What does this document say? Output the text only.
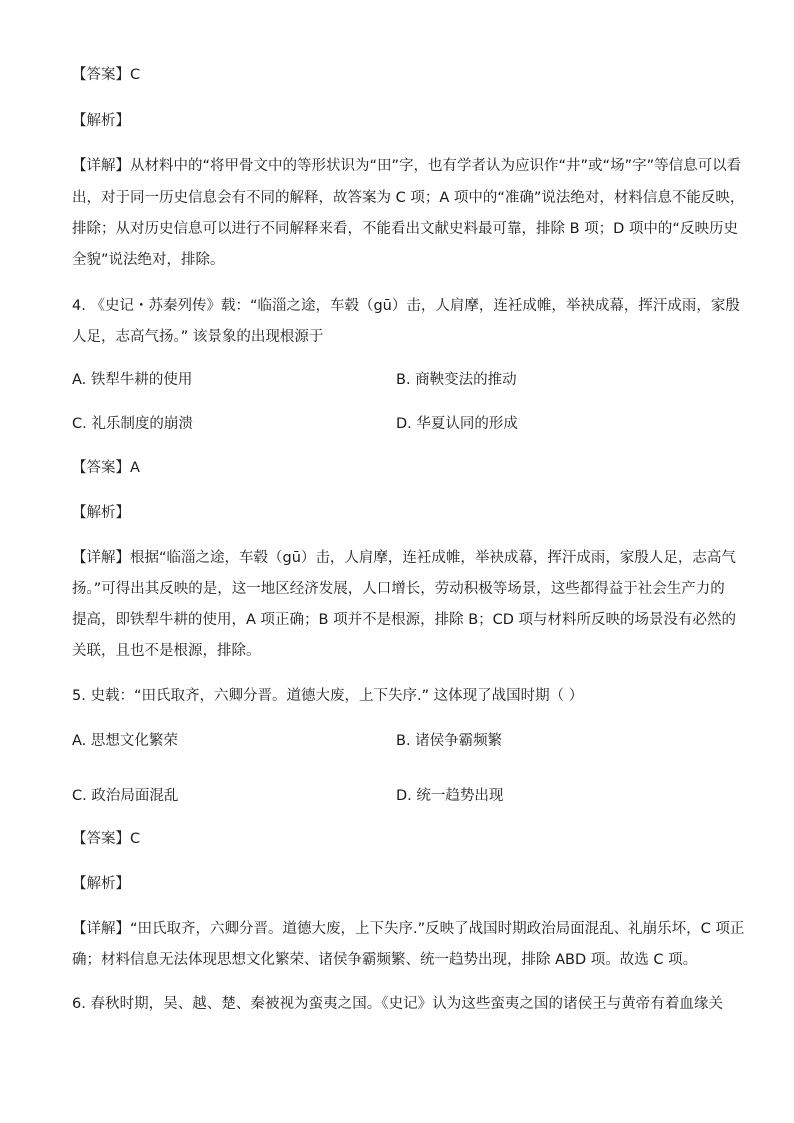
【答案】C
【解析】
【详解】从材料中的“将甲骨文中的等形状识为“田”字，也有学者认为应识作“井”或“场”字”等信息可以看
出，对于同一历史信息会有不同的解释，故答案为 C 项；A 项中的“准确”说法绝对，材料信息不能反映，
排除；从对历史信息可以进行不同解释来看，不能看出文献史料最可靠，排除 B 项；D 项中的“反映历史
全貌”说法绝对，排除。
4. 《史记・苏秦列传》载：“临淄之途，车毂（gū）击，人肩摩，连衽成帷，举袂成幕，挥汗成雨，家殷
人足，志高气扬。” 该景象的出现根源于
A. 铁犁牛耕的使用	B. 商鞅变法的推动
C. 礼乐制度的崩溃	D. 华夏认同的形成
【答案】A
【解析】
【详解】根据“临淄之途，车毂（gū）击，人肩摩，连衽成帷，举袂成幕，挥汗成雨，家殷人足，志高气
扬。”可得出其反映的是，这一地区经济发展，人口增长，劳动积极等场景，这些都得益于社会生产力的
提高，即铁犁牛耕的使用，A 项正确；B 项并不是根源，排除 B；CD 项与材料所反映的场景没有必然的
关联，且也不是根源，排除。
5. 史载：“田氏取齐，六卿分晋。道德大废，上下失序.” 这体现了战国时期（ ）
A. 思想文化繁荣	B. 诸侯争霸频繁
C. 政治局面混乱	D. 统一趋势出现
【答案】C
【解析】
【详解】“田氏取齐，六卿分晋。道德大废，上下失序.”反映了战国时期政治局面混乱、礼崩乐坏，C 项正
确；材料信息无法体现思想文化繁荣、诸侯争霸频繁、统一趋势出现，排除 ABD 项。故选 C 项。
6. 春秋时期，吴、越、楚、秦被视为蛮夷之国。《史记》认为这些蛮夷之国的诸侯王与黄帝有着血缘关
